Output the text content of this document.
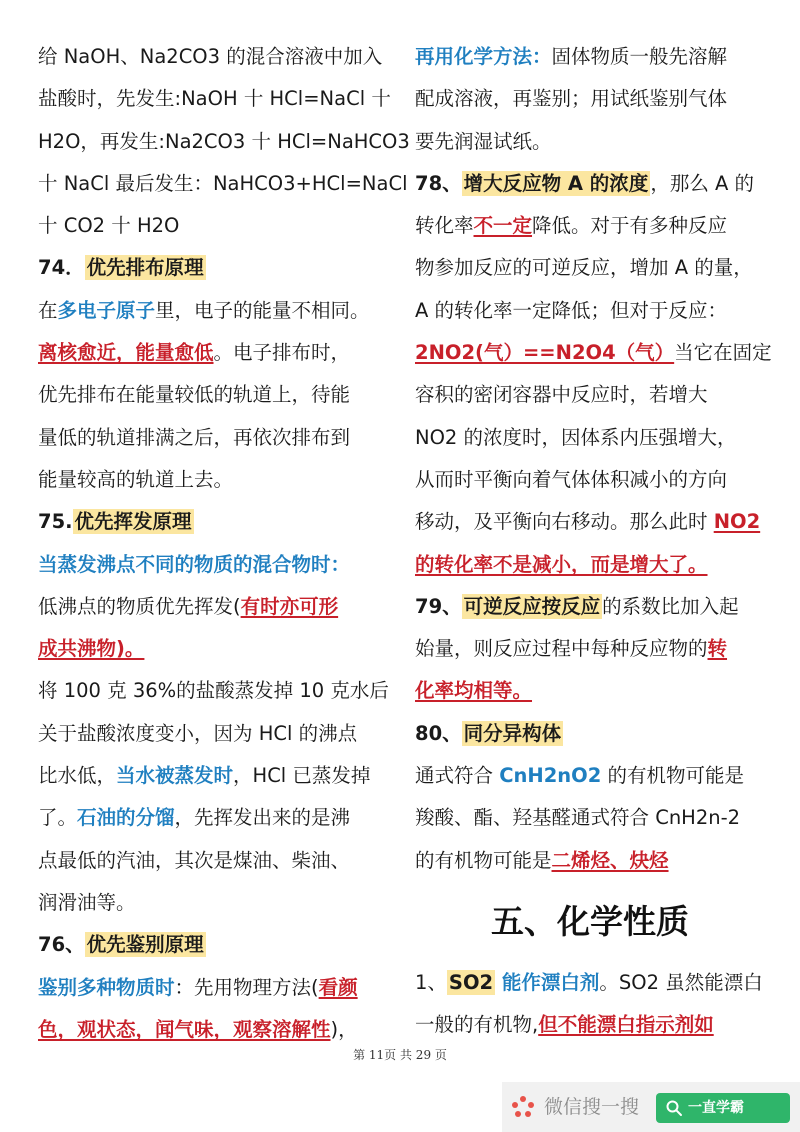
给 NaOH、Na2CO3 的混合溶液中加入
盐酸时，先发生:NaOH 十 HCl=NaCl 十
H2O，再发生:Na2CO3 十 HCl=NaHCO3
十 NaCl 最后发生：NaHCO3+HCl=NaCl
十 CO2 十 H2O
74． 优先排布原理
在多电子原子里，电子的能量不相同。
离核愈近，能量愈低。电子排布时，
优先排布在能量较低的轨道上，待能
量低的轨道排满之后，再依次排布到
能量较高的轨道上去。
75. 优先挥发原理
当蒸发沸点不同的物质的混合物时：
低沸点的物质优先挥发(有时亦可形
成共沸物)。
将 100 克 36%的盐酸蒸发掉 10 克水后
关于盐酸浓度变小，因为 HCl 的沸点
比水低，当水被蒸发时，HCl 已蒸发掉
了。石油的分馏，先挥发出来的是沸
点最低的汽油，其次是煤油、柴油、
润滑油等。
76、 优先鉴别原理
鉴别多种物质时：先用物理方法(看颜
色，观状态，闻气味，观察溶解性)，
再用化学方法：固体物质一般先溶解
配成溶液，再鉴别；用试纸鉴别气体
要先润湿试纸。
78、 增大反应物 A 的浓度 ，那么 A 的
转化率不一定降低。对于有多种反应
物参加反应的可逆反应，增加 A 的量，
A 的转化率一定降低；但对于反应：
2NO2(气）==N2O4（气）当它在固定
容积的密闭容器中反应时，若增大
NO2 的浓度时，因体系内压强增大，
从而时平衡向着气体体积减小的方向
移动，及平衡向右移动。那么此时 NO2
的转化率不是减小，而是增大了。
79、 可逆反应按反应 的系数比加入起
始量，则反应过程中每种反应物的转
化率均相等。
80、 同分异构体
通式符合 CnH2nO2 的有机物可能是
羧酸、酯、羟基醛通式符合 CnH2n-2
的有机物可能是二烯烃、炔烃
五、化学性质
1、 SO2 能作漂白剂。SO2 虽然能漂白
一般的有机物,但不能漂白指示剂如
第 11页 共 29 页
微信搜一搜	一直学霸
